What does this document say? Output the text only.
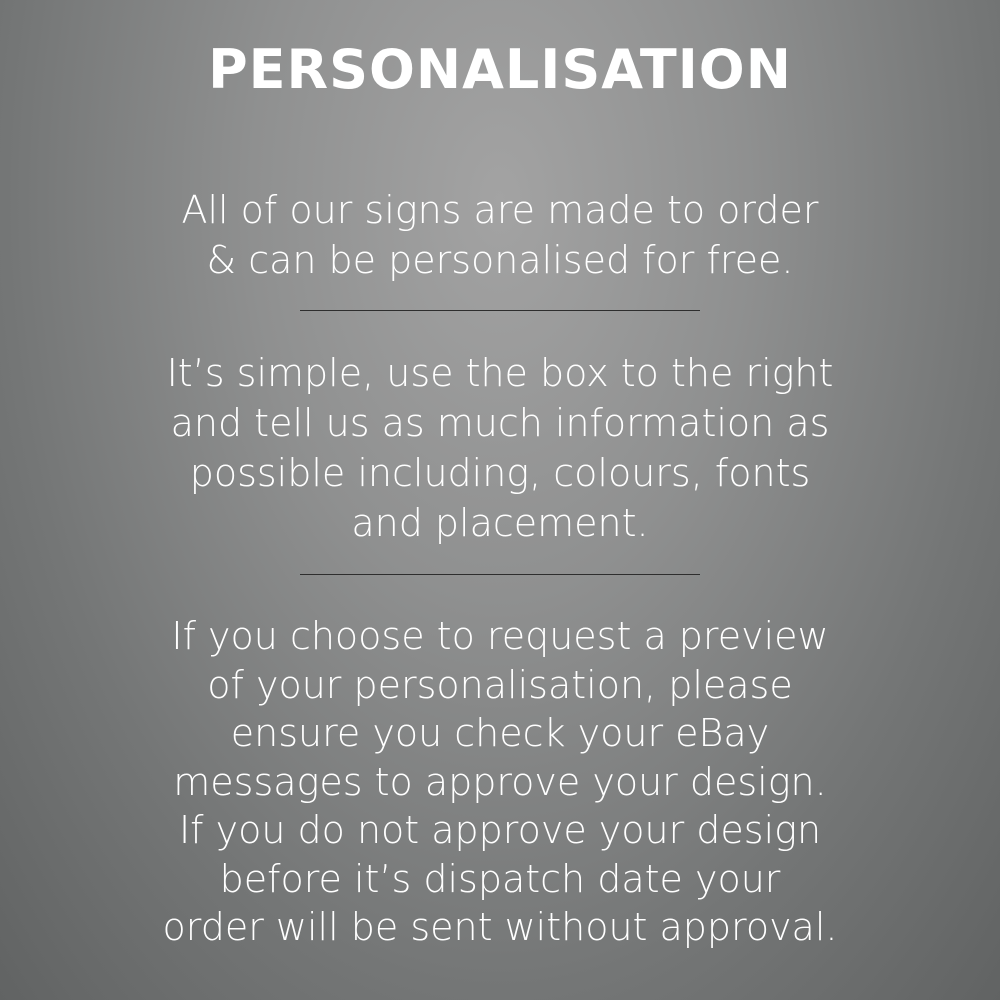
PERSONALISATION

All of our signs are made to order
& can be personalised for free.

It’s simple, use the box to the right
and tell us as much information as
possible including, colours, fonts
and placement.

If you choose to request a preview
of your personalisation, please
ensure you check your eBay
messages to approve your design.
If you do not approve your design
before it’s dispatch date your
order will be sent without approval.
